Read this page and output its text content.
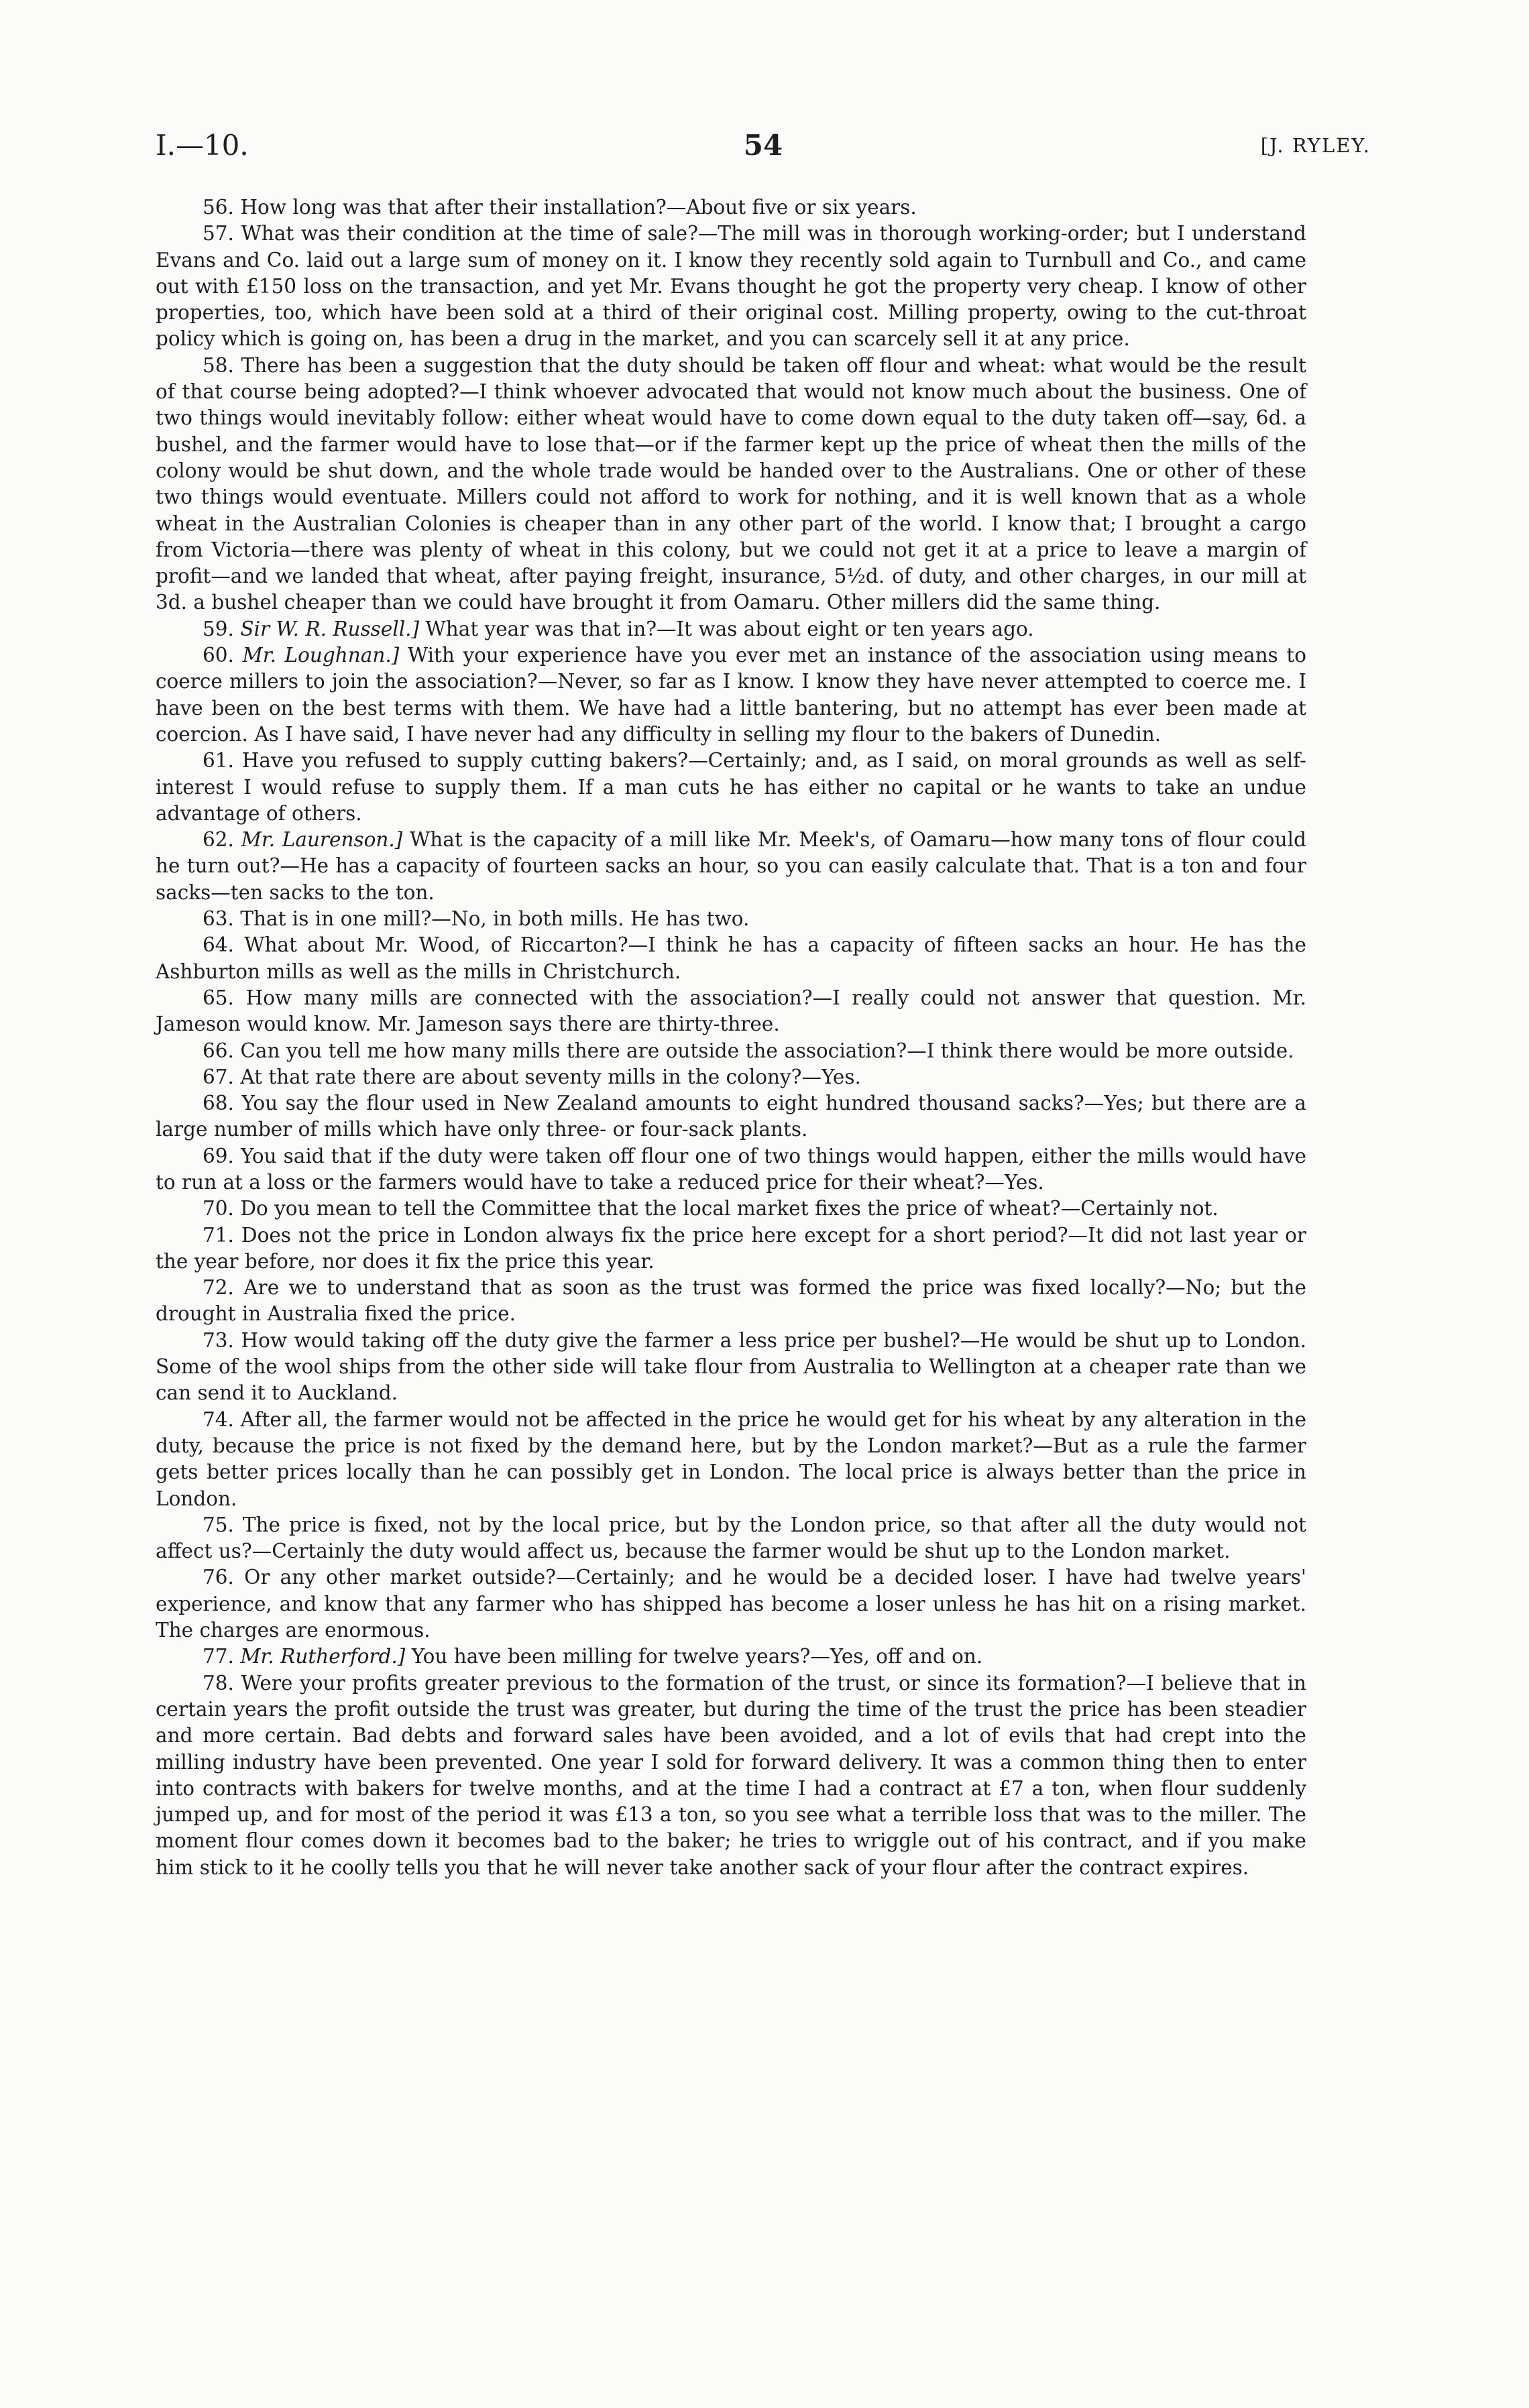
I.—10.	54	[J. RYLEY.

56. How long was that after their installation?—About five or six years.

57. What was their condition at the time of sale?—The mill was in thorough working-order; but I understand Evans and Co. laid out a large sum of money on it. I know they recently sold again to Turnbull and Co., and came out with £150 loss on the transaction, and yet Mr. Evans thought he got the property very cheap. I know of other properties, too, which have been sold at a third of their original cost. Milling property, owing to the cut-throat policy which is going on, has been a drug in the market, and you can scarcely sell it at any price.

58. There has been a suggestion that the duty should be taken off flour and wheat: what would be the result of that course being adopted?—I think whoever advocated that would not know much about the business. One of two things would inevitably follow: either wheat would have to come down equal to the duty taken off—say, 6d. a bushel, and the farmer would have to lose that—or if the farmer kept up the price of wheat then the mills of the colony would be shut down, and the whole trade would be handed over to the Australians. One or other of these two things would eventuate. Millers could not afford to work for nothing, and it is well known that as a whole wheat in the Australian Colonies is cheaper than in any other part of the world. I know that; I brought a cargo from Victoria—there was plenty of wheat in this colony, but we could not get it at a price to leave a margin of profit—and we landed that wheat, after paying freight, insurance, 5½d. of duty, and other charges, in our mill at 3d. a bushel cheaper than we could have brought it from Oamaru. Other millers did the same thing.

59. Sir W. R. Russell.] What year was that in?—It was about eight or ten years ago.

60. Mr. Loughnan.] With your experience have you ever met an instance of the association using means to coerce millers to join the association?—Never, so far as I know. I know they have never attempted to coerce me. I have been on the best terms with them. We have had a little bantering, but no attempt has ever been made at coercion. As I have said, I have never had any difficulty in selling my flour to the bakers of Dunedin.

61. Have you refused to supply cutting bakers?—Certainly; and, as I said, on moral grounds as well as self-interest I would refuse to supply them. If a man cuts he has either no capital or he wants to take an undue advantage of others.

62. Mr. Laurenson.] What is the capacity of a mill like Mr. Meek's, of Oamaru—how many tons of flour could he turn out?—He has a capacity of fourteen sacks an hour, so you can easily calculate that. That is a ton and four sacks—ten sacks to the ton.

63. That is in one mill?—No, in both mills. He has two.

64. What about Mr. Wood, of Riccarton?—I think he has a capacity of fifteen sacks an hour. He has the Ashburton mills as well as the mills in Christchurch.

65. How many mills are connected with the association?—I really could not answer that question. Mr. Jameson would know. Mr. Jameson says there are thirty-three.

66. Can you tell me how many mills there are outside the association?—I think there would be more outside.

67. At that rate there are about seventy mills in the colony?—Yes.

68. You say the flour used in New Zealand amounts to eight hundred thousand sacks?—Yes; but there are a large number of mills which have only three- or four-sack plants.

69. You said that if the duty were taken off flour one of two things would happen, either the mills would have to run at a loss or the farmers would have to take a reduced price for their wheat?—Yes.

70. Do you mean to tell the Committee that the local market fixes the price of wheat?—Certainly not.

71. Does not the price in London always fix the price here except for a short period?—It did not last year or the year before, nor does it fix the price this year.

72. Are we to understand that as soon as the trust was formed the price was fixed locally?—No; but the drought in Australia fixed the price.

73. How would taking off the duty give the farmer a less price per bushel?—He would be shut up to London. Some of the wool ships from the other side will take flour from Australia to Wellington at a cheaper rate than we can send it to Auckland.

74. After all, the farmer would not be affected in the price he would get for his wheat by any alteration in the duty, because the price is not fixed by the demand here, but by the London market?—But as a rule the farmer gets better prices locally than he can possibly get in London. The local price is always better than the price in London.

75. The price is fixed, not by the local price, but by the London price, so that after all the duty would not affect us?—Certainly the duty would affect us, because the farmer would be shut up to the London market.

76. Or any other market outside?—Certainly; and he would be a decided loser. I have had twelve years' experience, and know that any farmer who has shipped has become a loser unless he has hit on a rising market. The charges are enormous.

77. Mr. Rutherford.] You have been milling for twelve years?—Yes, off and on.

78. Were your profits greater previous to the formation of the trust, or since its formation?—I believe that in certain years the profit outside the trust was greater, but during the time of the trust the price has been steadier and more certain. Bad debts and forward sales have been avoided, and a lot of evils that had crept into the milling industry have been prevented. One year I sold for forward delivery. It was a common thing then to enter into contracts with bakers for twelve months, and at the time I had a contract at £7 a ton, when flour suddenly jumped up, and for most of the period it was £13 a ton, so you see what a terrible loss that was to the miller. The moment flour comes down it becomes bad to the baker; he tries to wriggle out of his contract, and if you make him stick to it he coolly tells you that he will never take another sack of your flour after the contract expires.
